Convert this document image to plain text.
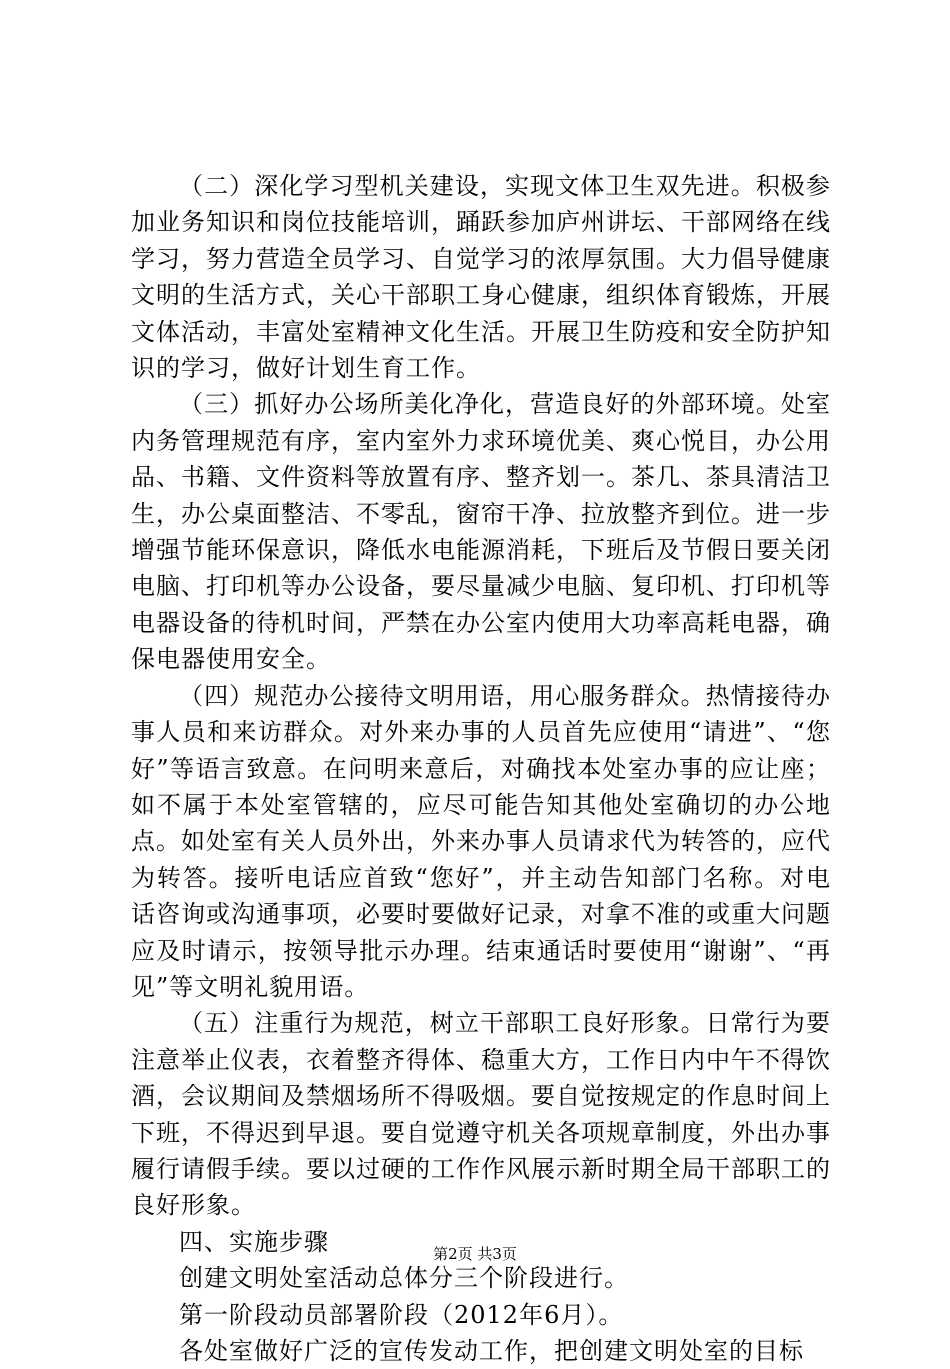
（二）深化学习型机关建设，实现文体卫生双先进。积极参加业务知识和岗位技能培训，踊跃参加庐州讲坛、干部网络在线学习，努力营造全员学习、自觉学习的浓厚氛围。大力倡导健康文明的生活方式，关心干部职工身心健康，组织体育锻炼，开展文体活动，丰富处室精神文化生活。开展卫生防疫和安全防护知识的学习，做好计划生育工作。

（三）抓好办公场所美化净化，营造良好的外部环境。处室内务管理规范有序，室内室外力求环境优美、爽心悦目，办公用品、书籍、文件资料等放置有序、整齐划一。茶几、茶具清洁卫生，办公桌面整洁、不零乱，窗帘干净、拉放整齐到位。进一步增强节能环保意识，降低水电能源消耗，下班后及节假日要关闭电脑、打印机等办公设备，要尽量减少电脑、复印机、打印机等电器设备的待机时间，严禁在办公室内使用大功率高耗电器，确保电器使用安全。

（四）规范办公接待文明用语，用心服务群众。热情接待办事人员和来访群众。对外来办事的人员首先应使用“请进”、“您好”等语言致意。在问明来意后，对确找本处室办事的应让座；如不属于本处室管辖的，应尽可能告知其他处室确切的办公地点。如处室有关人员外出，外来办事人员请求代为转答的，应代为转答。接听电话应首致“您好”，并主动告知部门名称。对电话咨询或沟通事项，必要时要做好记录，对拿不准的或重大问题应及时请示，按领导批示办理。结束通话时要使用“谢谢”、“再见”等文明礼貌用语。

（五）注重行为规范，树立干部职工良好形象。日常行为要注意举止仪表，衣着整齐得体、稳重大方，工作日内中午不得饮酒，会议期间及禁烟场所不得吸烟。要自觉按规定的作息时间上下班，不得迟到早退。要自觉遵守机关各项规章制度，外出办事履行请假手续。要以过硬的工作作风展示新时期全局干部职工的良好形象。

四、实施步骤

创建文明处室活动总体分三个阶段进行。

第一阶段动员部署阶段（2012年6月）。

各处室做好广泛的宣传发动工作，把创建文明处室的目标

第2页 共3页
